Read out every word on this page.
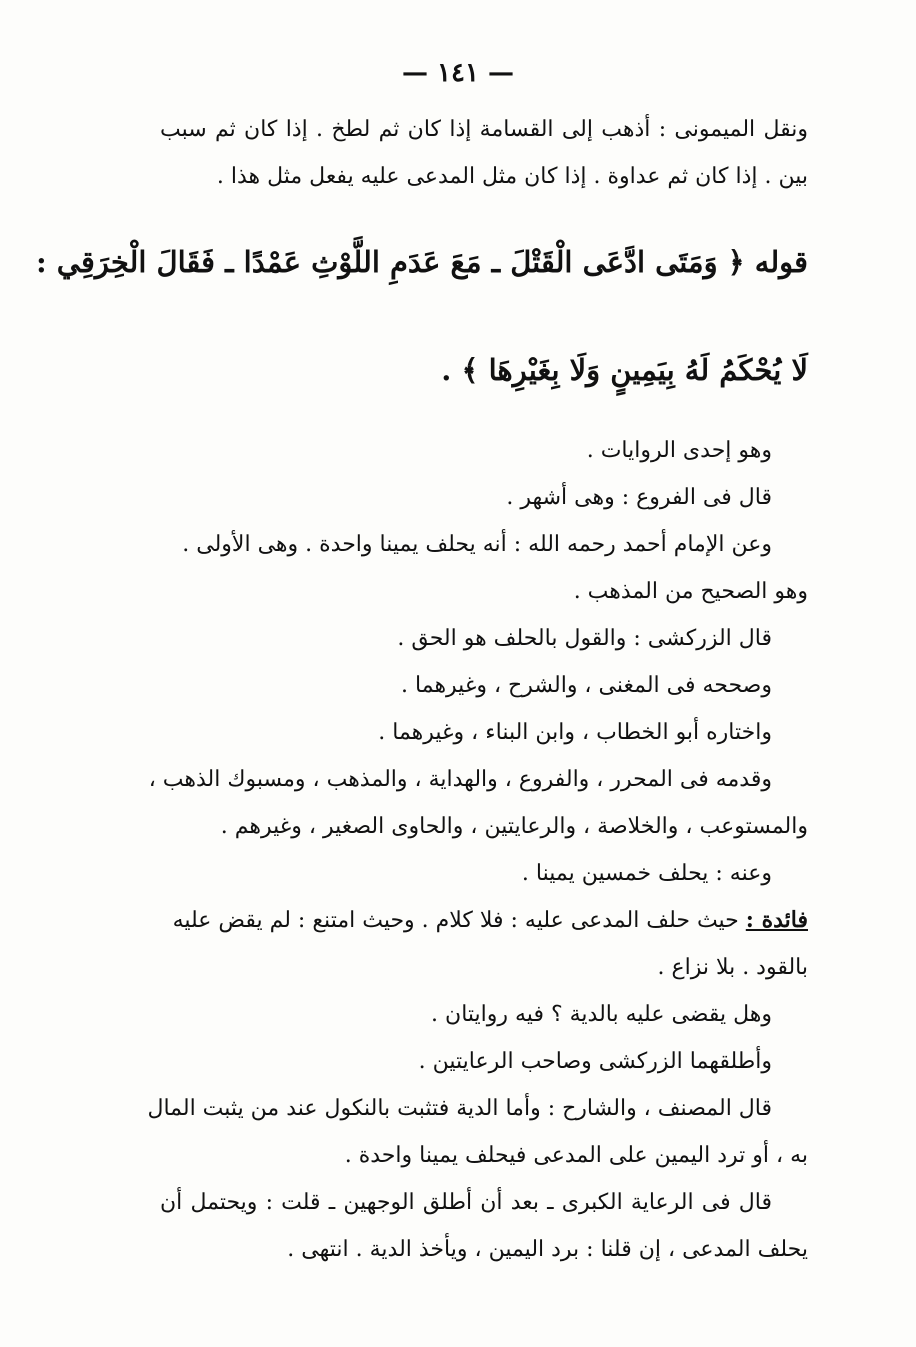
— ١٤١ —

ونقل الميمونى : أذهب إلى القسامة إذا كان ثم لطخ . إذا كان ثم سبب

بين . إذا كان ثم عداوة . إذا كان مثل المدعى عليه يفعل مثل هذا .

قوله ﴿ وَمَتَى ادَّعَى الْقَتْلَ ـ مَعَ عَدَمِ اللَّوْثِ عَمْدًا ـ فَقَالَ الْخِرَقِي :

لَا يُحْكَمُ لَهُ بِيَمِينٍ وَلَا بِغَيْرِهَا ﴾ .

وهو إحدى الروايات .

قال فى الفروع : وهى أشهر .

وعن الإمام أحمد رحمه الله : أنه يحلف يمينا واحدة . وهى الأولى .

وهو الصحيح من المذهب .

قال الزركشى : والقول بالحلف هو الحق .

وصححه فى المغنى ، والشرح ، وغيرهما .

واختاره أبو الخطاب ، وابن البناء ، وغيرهما .

وقدمه فى المحرر ، والفروع ، والهداية ، والمذهب ، ومسبوك الذهب ،

والمستوعب ، والخلاصة ، والرعايتين ، والحاوى الصغير ، وغيرهم .

وعنه : يحلف خمسين يمينا .

فائدة : حيث حلف المدعى عليه : فلا كلام . وحيث امتنع : لم يقض عليه

بالقود . بلا نزاع .

وهل يقضى عليه بالدية ؟ فيه روايتان .

وأطلقهما الزركشى وصاحب الرعايتين .

قال المصنف ، والشارح : وأما الدية فتثبت بالنكول عند من يثبت المال

به ، أو ترد اليمين على المدعى فيحلف يمينا واحدة .

قال فى الرعاية الكبرى ـ بعد أن أطلق الوجهين ـ قلت : ويحتمل أن

يحلف المدعى ، إن قلنا : برد اليمين ، ويأخذ الدية . انتهى .
